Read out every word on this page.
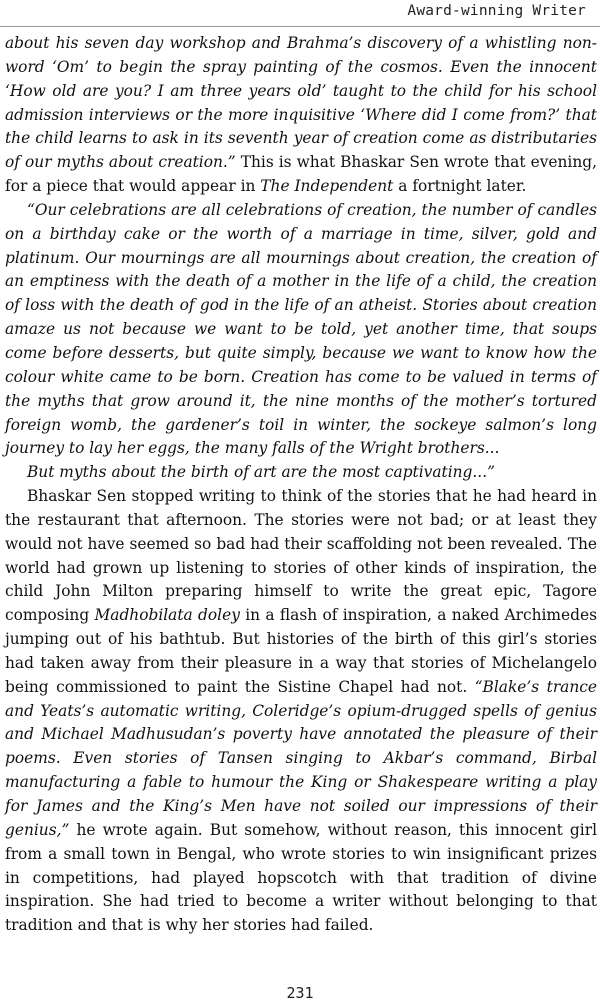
Award-winning Writer

about his seven day workshop and Brahma’s discovery of a whistling non-word ‘Om’ to begin the spray painting of the cosmos. Even the innocent ‘How old are you? I am three years old’ taught to the child for his school admission interviews or the more inquisitive ‘Where did I come from?’ that the child learns to ask in its seventh year of creation come as distributaries of our myths about creation.” This is what Bhaskar Sen wrote that evening, for a piece that would appear in The Independent a fortnight later.

“Our celebrations are all celebrations of creation, the number of candles on a birthday cake or the worth of a marriage in time, silver, gold and platinum. Our mournings are all mournings about creation, the creation of an emptiness with the death of a mother in the life of a child, the creation of loss with the death of god in the life of an atheist. Stories about creation amaze us not because we want to be told, yet another time, that soups come before desserts, but quite simply, because we want to know how the colour white came to be born. Creation has come to be valued in terms of the myths that grow around it, the nine months of the mother’s tortured foreign womb, the gardener’s toil in winter, the sockeye salmon’s long journey to lay her eggs, the many falls of the Wright brothers...

But myths about the birth of art are the most captivating...”

Bhaskar Sen stopped writing to think of the stories that he had heard in the restaurant that afternoon. The stories were not bad; or at least they would not have seemed so bad had their scaffolding not been revealed. The world had grown up listening to stories of other kinds of inspiration, the child John Milton preparing himself to write the great epic, Tagore composing Madhobilata doley in a flash of inspiration, a naked Archimedes jumping out of his bathtub. But histories of the birth of this girl’s stories had taken away from their pleasure in a way that stories of Michelangelo being commissioned to paint the Sistine Chapel had not. “Blake’s trance and Yeats’s automatic writing, Coleridge’s opium-drugged spells of genius and Michael Madhusudan’s poverty have annotated the pleasure of their poems. Even stories of Tansen singing to Akbar’s command, Birbal manufacturing a fable to humour the King or Shakespeare writing a play for James and the King’s Men have not soiled our impressions of their genius,” he wrote again. But somehow, without reason, this innocent girl from a small town in Bengal, who wrote stories to win insignificant prizes in competitions, had played hopscotch with that tradition of divine inspiration. She had tried to become a writer without belonging to that tradition and that is why her stories had failed.

231
